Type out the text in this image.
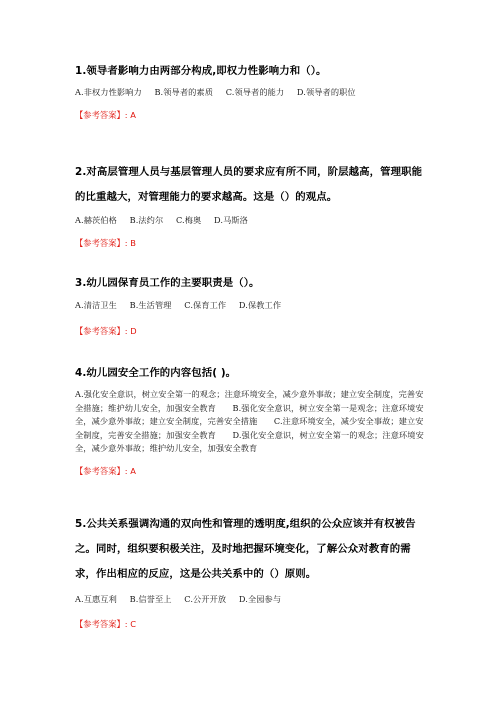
1.领导者影响力由两部分构成,即权力性影响力和（）。

A.非权力性影响力 B.领导者的素质 C.领导者的能力 D.领导者的职位

【参考答案】: A

2.对高层管理人员与基层管理人员的要求应有所不同，阶层越高，管理职能的比重越大，对管理能力的要求越高。这是（）的观点。

A.赫茨伯格 B.法约尔 C.梅奥 D.马斯洛

【参考答案】: B

3.幼儿园保育员工作的主要职责是（）。

A.清洁卫生 B.生活管理 C.保育工作 D.保教工作

【参考答案】: D

4.幼儿园安全工作的内容包括( )。

A.强化安全意识，树立安全第一的观念；注意环境安全，减少意外事故；建立安全制度，完善安全措施；维护幼儿安全，加强安全教育　　B.强化安全意识，树立安全第一是观念；注意环境安全，减少意外事故；建立安全制度，完善安全措施　　C.注意环境安全，减少安全事故；建立安全制度，完善安全措施；加强安全教育　　D.强化安全意识，树立安全第一的观念；注意环境安全，减少意外事故；维护幼儿安全，加强安全教育

【参考答案】: A

5.公共关系强调沟通的双向性和管理的透明度,组织的公众应该并有权被告之。同时，组织要积极关注，及时地把握环境变化，了解公众对教育的需求，作出相应的反应，这是公共关系中的（）原则。

A.互惠互利 B.信誉至上 C.公开开放 D.全园参与

【参考答案】: C
